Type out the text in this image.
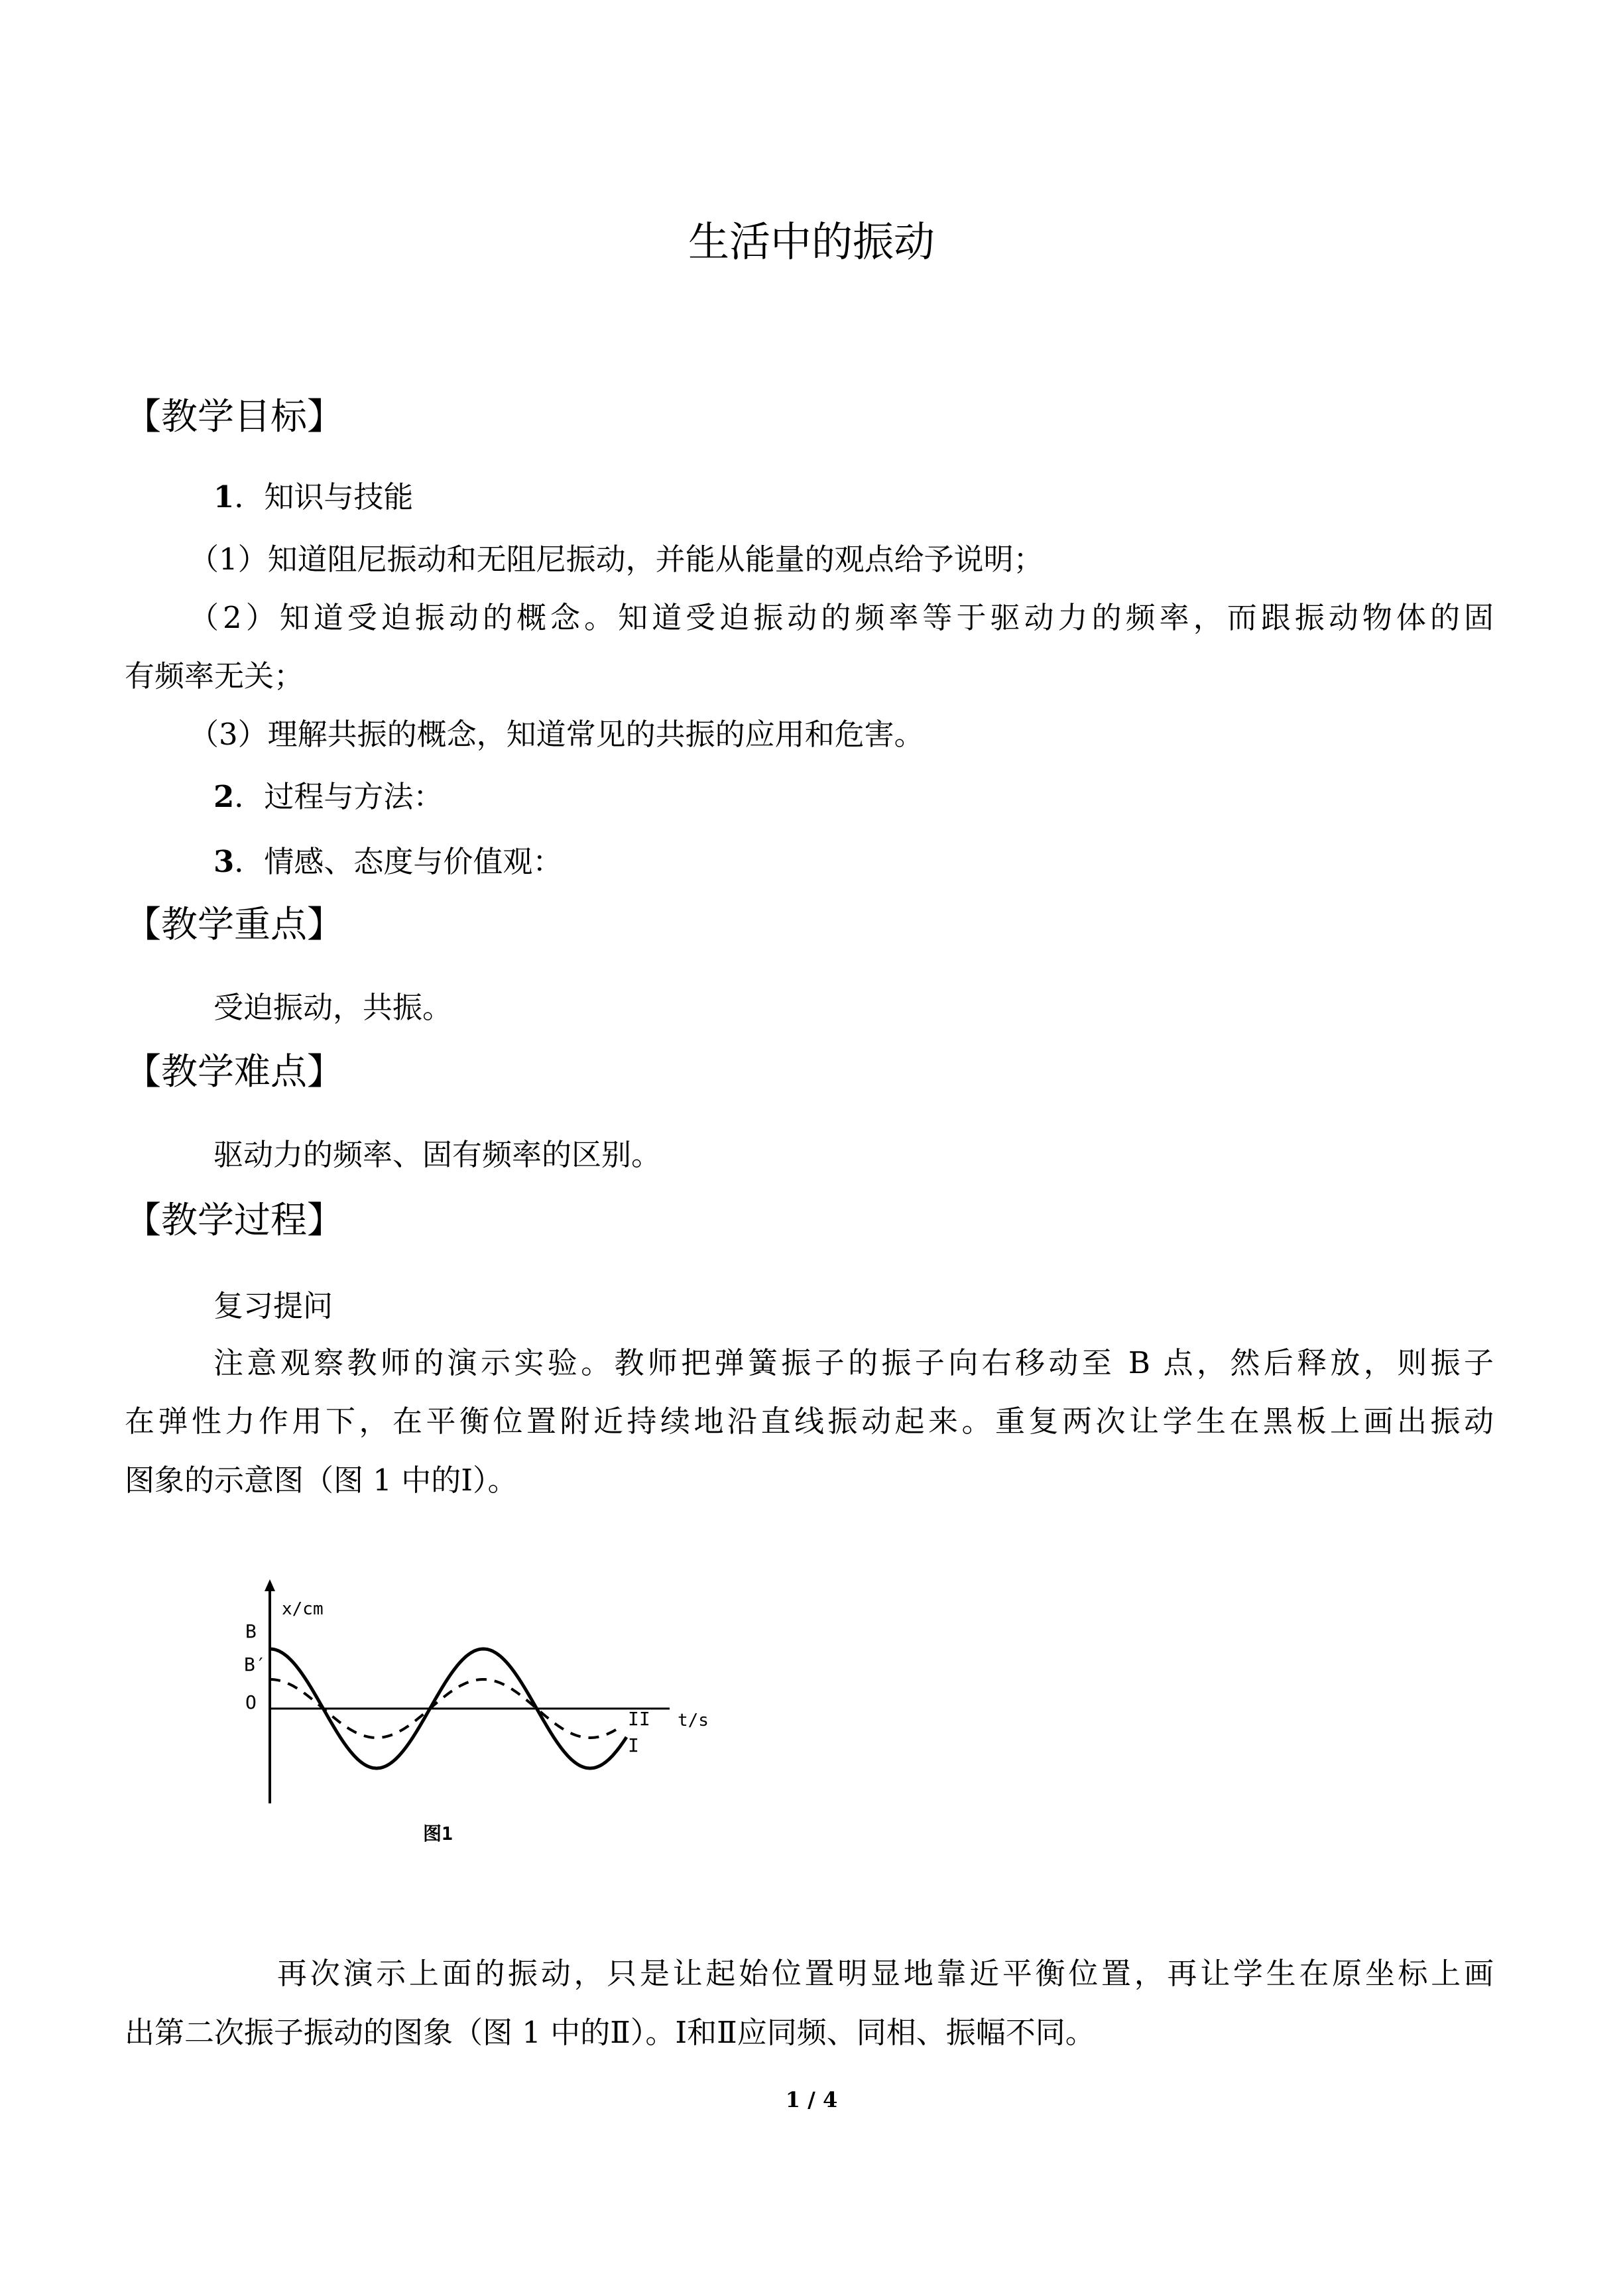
生活中的振动
【教学目标】
1．知识与技能
（1）知道阻尼振动和无阻尼振动，并能从能量的观点给予说明；
（2）知道受迫振动的概念。知道受迫振动的频率等于驱动力的频率，而跟振动物体的固
有频率无关；
（3）理解共振的概念，知道常见的共振的应用和危害。
2．过程与方法：
3．情感、态度与价值观：
【教学重点】
受迫振动，共振。
【教学难点】
驱动力的频率、固有频率的区别。
【教学过程】
复习提问
注意观察教师的演示实验。教师把弹簧振子的振子向右移动至 B 点，然后释放，则振子
在弹性力作用下，在平衡位置附近持续地沿直线振动起来。重复两次让学生在黑板上画出振动
图象的示意图（图 1 中的Ⅰ）。
x/cm
B
B′
O
II
I
t/s
图1
再次演示上面的振动，只是让起始位置明显地靠近平衡位置，再让学生在原坐标上画
出第二次振子振动的图象（图 1 中的Ⅱ）。Ⅰ和Ⅱ应同频、同相、振幅不同。
1 / 4
